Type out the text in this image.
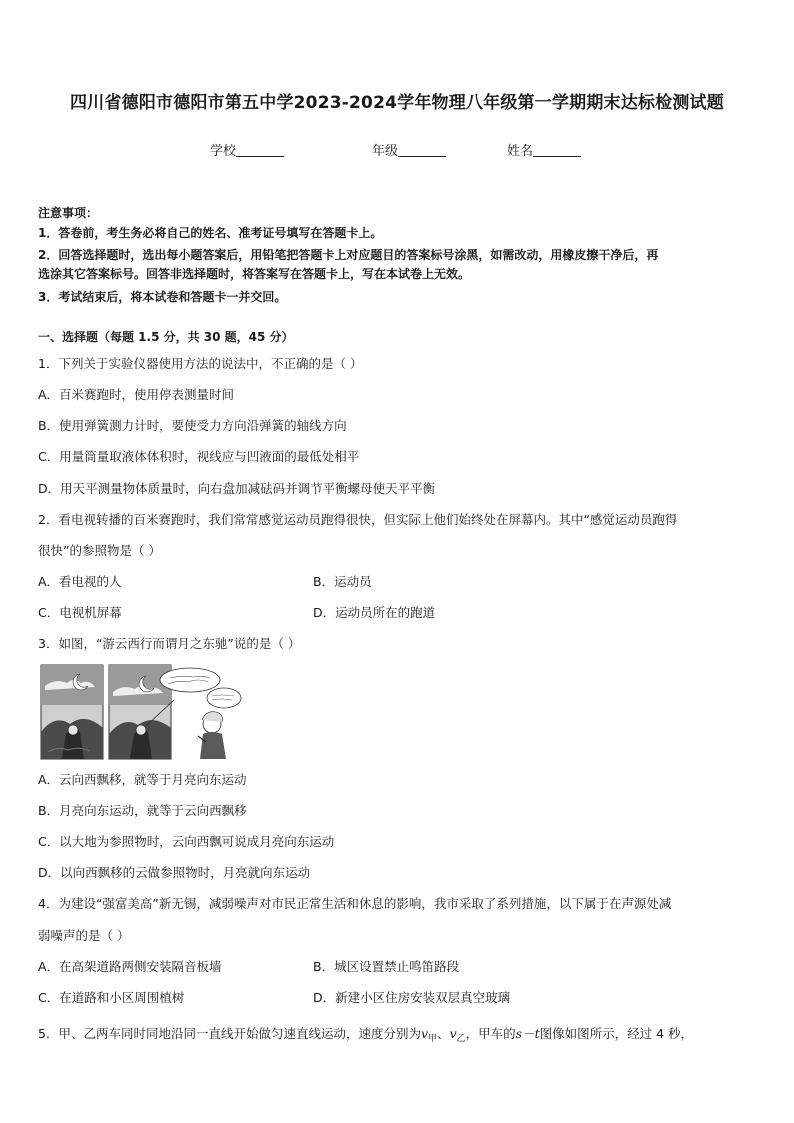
四川省德阳市德阳市第五中学2023-2024学年物理八年级第一学期期末达标检测试题
学校	年级	姓名
注意事项：
1．答卷前，考生务必将自己的姓名、准考证号填写在答题卡上。
2．回答选择题时，选出每小题答案后，用铅笔把答题卡上对应题目的答案标号涂黑，如需改动，用橡皮擦干净后，再
选涂其它答案标号。回答非选择题时，将答案写在答题卡上，写在本试卷上无效。
3．考试结束后，将本试卷和答题卡一并交回。
一、选择题（每题 1.5 分，共 30 题，45 分）
1．下列关于实验仪器使用方法的说法中，不正确的是（ ）
A．百米赛跑时，使用停表测量时间
B．使用弹簧测力计时，要使受力方向沿弹簧的轴线方向
C．用量筒量取液体体积时，视线应与凹液面的最低处相平
D．用天平测量物体质量时，向右盘加减砝码并调节平衡螺母使天平平衡
2．看电视转播的百米赛跑时，我们常常感觉运动员跑得很快，但实际上他们始终处在屏幕内。其中“感觉运动员跑得
很快”的参照物是（ ）
A．看电视的人	B．运动员
C．电视机屏幕	D．运动员所在的跑道
3．如图，“游云西行而谓月之东驰”说的是（ ）
A．云向西飘移，就等于月亮向东运动
B．月亮向东运动，就等于云向西飘移
C．以大地为参照物时，云向西飘可说成月亮向东运动
D．以向西飘移的云做参照物时，月亮就向东运动
4．为建设“强富美高”新无锡，减弱噪声对市民正常生活和休息的影响，我市采取了系列措施，以下属于在声源处减
弱噪声的是（ ）
A．在高架道路两侧安装隔音板墙	B．城区设置禁止鸣笛路段
C．在道路和小区周围植树	D．新建小区住房安装双层真空玻璃
5．甲、乙两车同时同地沿同一直线开始做匀速直线运动，速度分别为$v_甲$、$v_乙$，甲车的s－t图像如图所示，经过 4 秒，
